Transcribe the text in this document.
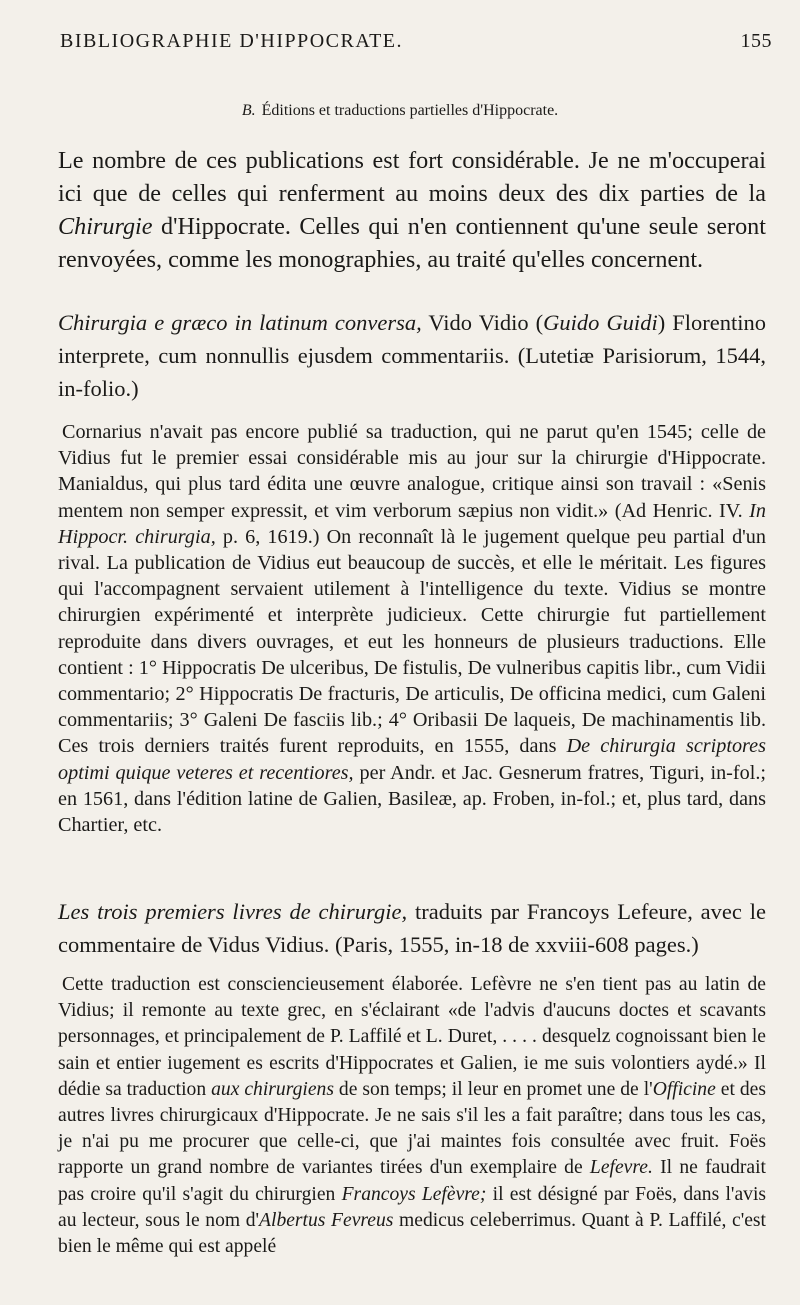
BIBLIOGRAPHIE D'HIPPOCRATE.	155
B. Éditions et traductions partielles d'Hippocrate.

Le nombre de ces publications est fort considérable. Je ne m'occuperai ici que de celles qui renferment au moins deux des dix parties de la Chirurgie d'Hippocrate. Celles qui n'en contiennent qu'une seule seront renvoyées, comme les monographies, au traité qu'elles concernent.

Chirurgia e græco in latinum conversa, Vido Vidio (Guido Guidi) Florentino interprete, cum nonnullis ejusdem commentariis. (Lutetiæ Parisiorum, 1544, in-folio.)

Cornarius n'avait pas encore publié sa traduction, qui ne parut qu'en 1545; celle de Vidius fut le premier essai considérable mis au jour sur la chirurgie d'Hippocrate. Manialdus, qui plus tard édita une œuvre analogue, critique ainsi son travail : «Senis mentem non semper expressit, et vim verborum sæpius non vidit.» (Ad Henric. IV. In Hippocr. chirurgia, p. 6, 1619.) On reconnaît là le jugement quelque peu partial d'un rival. La publication de Vidius eut beaucoup de succès, et elle le méritait. Les figures qui l'accompagnent servaient utilement à l'intelligence du texte. Vidius se montre chirurgien expérimenté et interprète judicieux. Cette chirurgie fut partiellement reproduite dans divers ouvrages, et eut les honneurs de plusieurs traductions. Elle contient : 1° Hippocratis De ulceribus, De fistulis, De vulneribus capitis libr., cum Vidii commentario; 2° Hippocratis De fracturis, De articulis, De officina medici, cum Galeni commentariis; 3° Galeni De fasciis lib.; 4° Oribasii De laqueis, De machinamentis lib. Ces trois derniers traités furent reproduits, en 1555, dans De chirurgia scriptores optimi quique veteres et recentiores, per Andr. et Jac. Gesnerum fratres, Tiguri, in-fol.; en 1561, dans l'édition latine de Galien, Basileæ, ap. Froben, in-fol.; et, plus tard, dans Chartier, etc.

Les trois premiers livres de chirurgie, traduits par Francoys Lefeure, avec le commentaire de Vidus Vidius. (Paris, 1555, in-18 de xxviii-608 pages.)

Cette traduction est consciencieusement élaborée. Lefèvre ne s'en tient pas au latin de Vidius; il remonte au texte grec, en s'éclairant «de l'advis d'aucuns doctes et scavants personnages, et principalement de P. Laffilé et L. Duret, . . . . desquelz cognoissant bien le sain et entier iugement es escrits d'Hippocrates et Galien, ie me suis volontiers aydé.» Il dédie sa traduction aux chirurgiens de son temps; il leur en promet une de l'Officine et des autres livres chirurgicaux d'Hippocrate. Je ne sais s'il les a fait paraître; dans tous les cas, je n'ai pu me procurer que celle-ci, que j'ai maintes fois consultée avec fruit. Foës rapporte un grand nombre de variantes tirées d'un exemplaire de Lefevre. Il ne faudrait pas croire qu'il s'agit du chirurgien Francoys Lefèvre; il est désigné par Foës, dans l'avis au lecteur, sous le nom d'Albertus Fevreus medicus celeberrimus. Quant à P. Laffilé, c'est bien le même qui est appelé
